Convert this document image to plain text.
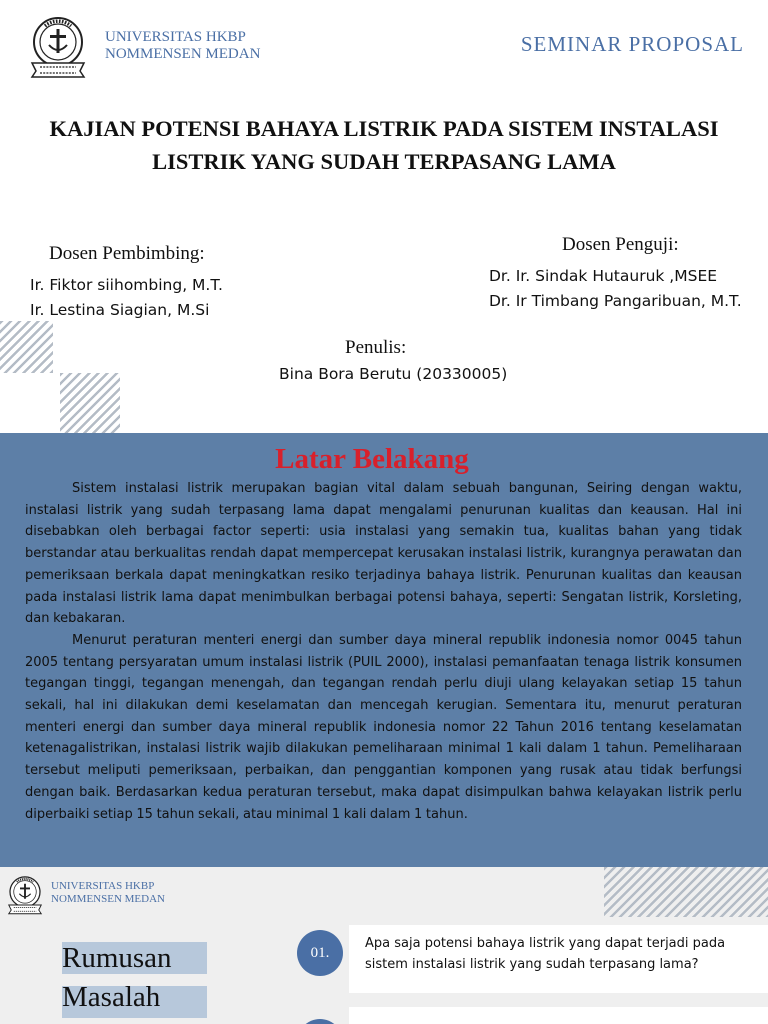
UNIVERSITAS HKBP
NOMMENSEN MEDAN	SEMINAR PROPOSAL
KAJIAN POTENSI BAHAYA LISTRIK PADA SISTEM INSTALASI
LISTRIK YANG SUDAH TERPASANG LAMA
Dosen Pembimbing:
Ir. Fiktor siihombing, M.T.
Ir. Lestina Siagian, M.Si
Dosen Penguji:
Dr. Ir. Sindak Hutauruk ,MSEE
Dr. Ir Timbang Pangaribuan, M.T.
Penulis:
Bina Bora Berutu (20330005)
Latar Belakang

Sistem instalasi listrik merupakan bagian vital dalam sebuah bangunan, Seiring dengan waktu, instalasi listrik yang sudah terpasang lama dapat mengalami penurunan kualitas dan keausan. Hal ini disebabkan oleh berbagai factor seperti: usia instalasi yang semakin tua, kualitas bahan yang tidak berstandar atau berkualitas rendah dapat mempercepat kerusakan instalasi listrik, kurangnya perawatan dan pemeriksaan berkala dapat meningkatkan resiko terjadinya bahaya listrik. Penurunan kualitas dan keausan pada instalasi listrik lama dapat menimbulkan berbagai potensi bahaya, seperti: Sengatan listrik, Korsleting, dan kebakaran.

Menurut peraturan menteri energi dan sumber daya mineral republik indonesia nomor 0045 tahun 2005 tentang persyaratan umum instalasi listrik (PUIL 2000), instalasi pemanfaatan tenaga listrik konsumen tegangan tinggi, tegangan menengah, dan tegangan rendah perlu diuji ulang kelayakan setiap 15 tahun sekali, hal ini dilakukan demi keselamatan dan mencegah kerugian. Sementara itu, menurut peraturan menteri energi dan sumber daya mineral republik indonesia nomor 22 Tahun 2016 tentang keselamatan ketenagalistrikan, instalasi listrik wajib dilakukan pemeliharaan minimal 1 kali dalam 1 tahun. Pemeliharaan tersebut meliputi pemeriksaan, perbaikan, dan penggantian komponen yang rusak atau tidak berfungsi dengan baik. Berdasarkan kedua peraturan tersebut, maka dapat disimpulkan bahwa kelayakan listrik perlu diperbaiki setiap 15 tahun sekali, atau minimal 1 kali dalam 1 tahun.

UNIVERSITAS HKBP
NOMMENSEN MEDAN
Rumusan
Masalah
01.
Apa saja potensi bahaya listrik yang dapat terjadi pada sistem instalasi listrik yang sudah terpasang lama?
